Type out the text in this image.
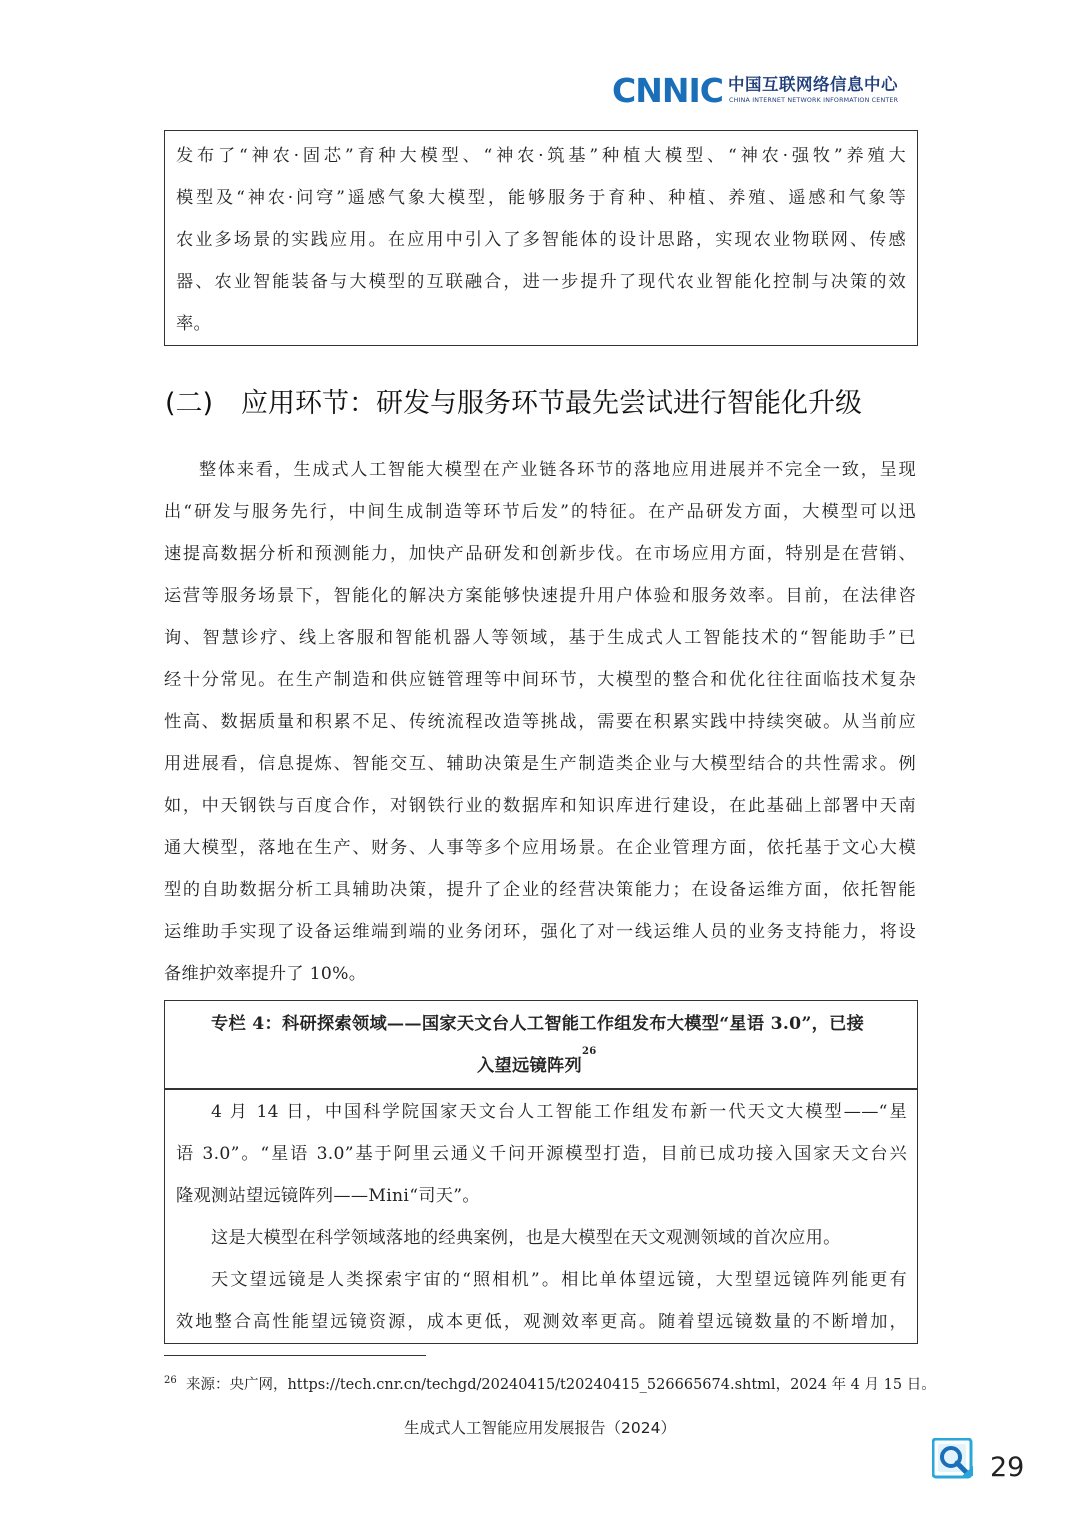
CNNIC 中国互联网络信息中心
CHINA INTERNET NETWORK INFORMATION CENTER
发布了“神农·固芯”育种大模型、“神农·筑基”种植大模型、“神农·强牧”养殖大
模型及“神农·问穹”遥感气象大模型，能够服务于育种、种植、养殖、遥感和气象等
农业多场景的实践应用。在应用中引入了多智能体的设计思路，实现农业物联网、传感
器、农业智能装备与大模型的互联融合，进一步提升了现代农业智能化控制与决策的效
率。
(二) 应用环节：研发与服务环节最先尝试进行智能化升级
整体来看，生成式人工智能大模型在产业链各环节的落地应用进展并不完全一致，呈现
出“研发与服务先行，中间生成制造等环节后发”的特征。在产品研发方面，大模型可以迅
速提高数据分析和预测能力，加快产品研发和创新步伐。在市场应用方面，特别是在营销、
运营等服务场景下，智能化的解决方案能够快速提升用户体验和服务效率。目前，在法律咨
询、智慧诊疗、线上客服和智能机器人等领域，基于生成式人工智能技术的“智能助手”已
经十分常见。在生产制造和供应链管理等中间环节，大模型的整合和优化往往面临技术复杂
性高、数据质量和积累不足、传统流程改造等挑战，需要在积累实践中持续突破。从当前应
用进展看，信息提炼、智能交互、辅助决策是生产制造类企业与大模型结合的共性需求。例
如，中天钢铁与百度合作，对钢铁行业的数据库和知识库进行建设，在此基础上部署中天南
通大模型，落地在生产、财务、人事等多个应用场景。在企业管理方面，依托基于文心大模
型的自助数据分析工具辅助决策，提升了企业的经营决策能力；在设备运维方面，依托智能
运维助手实现了设备运维端到端的业务闭环，强化了对一线运维人员的业务支持能力，将设
备维护效率提升了 10%。
专栏 4：科研探索领域——国家天文台人工智能工作组发布大模型“星语 3.0”，已接
入望远镜阵列$^{26}$
4 月 14 日，中国科学院国家天文台人工智能工作组发布新一代天文大模型——“星
语 3.0”。“星语 3.0”基于阿里云通义千问开源模型打造，目前已成功接入国家天文台兴
隆观测站望远镜阵列——Mini“司天”。
这是大模型在科学领域落地的经典案例，也是大模型在天文观测领域的首次应用。
天文望远镜是人类探索宇宙的“照相机”。相比单体望远镜，大型望远镜阵列能更有
效地整合高性能望远镜资源，成本更低，观测效率更高。随着望远镜数量的不断增加，
$^{26}$ 来源：央广网，https://tech.cnr.cn/techgd/20240415/t20240415_526665674.shtml，2024 年 4 月 15 日。
生成式人工智能应用发展报告（2024）
29
